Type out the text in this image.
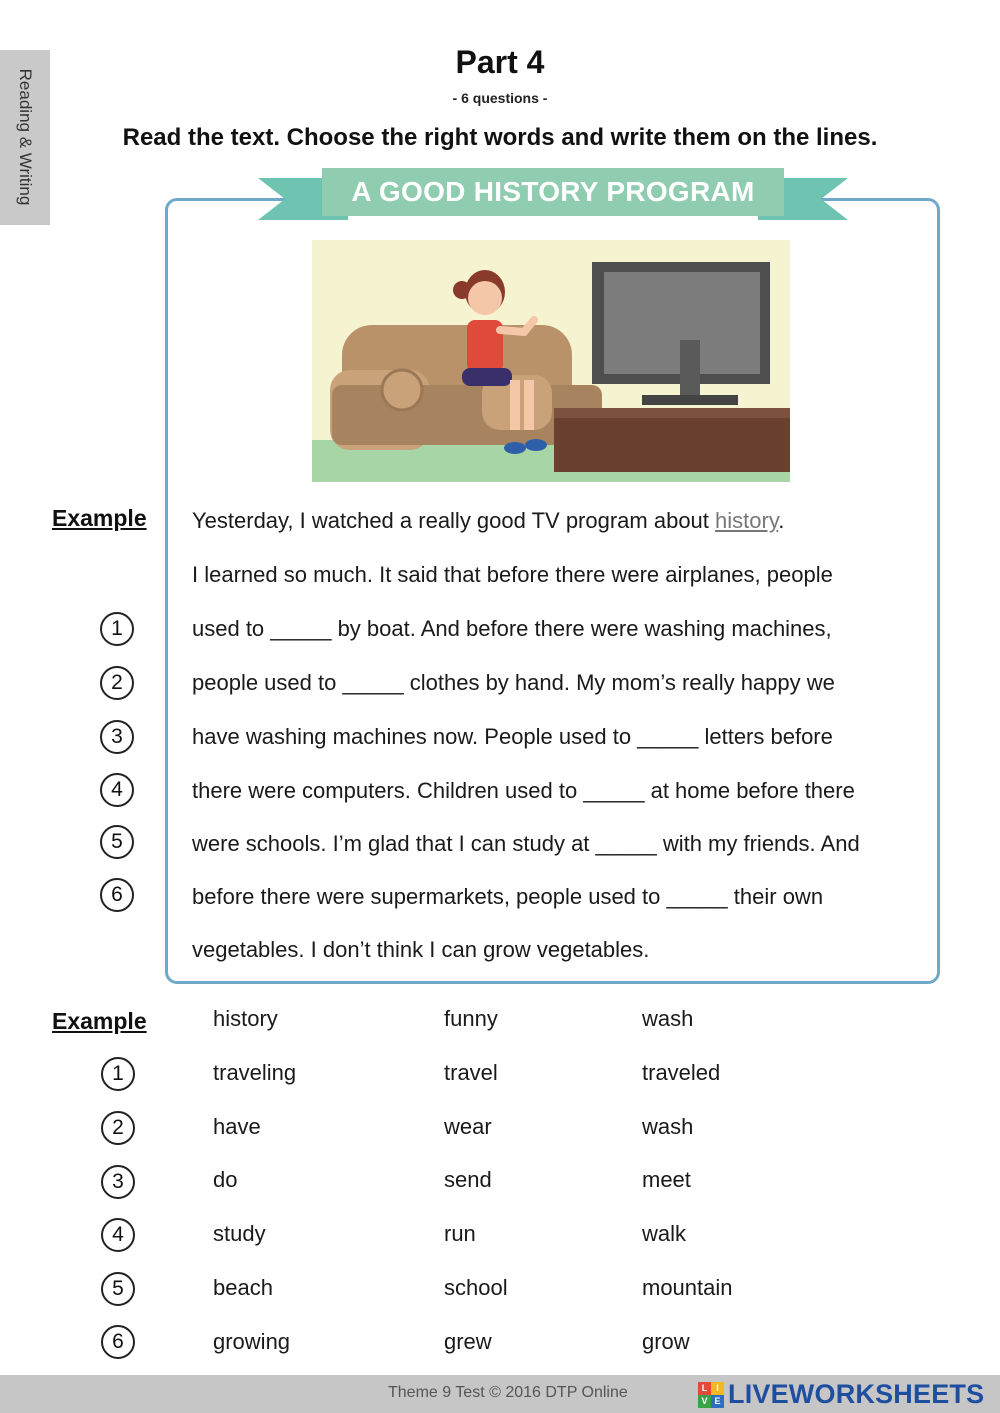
Reading & Writing
Part 4
- 6 questions -
Read the text. Choose the right words and write them on the lines.
A GOOD HISTORY PROGRAM
Example Yesterday, I watched a really good TV program about history.
I learned so much. It said that before there were airplanes, people
used to _____ by boat. And before there were washing machines,
people used to _____ clothes by hand. My mom’s really happy we
have washing machines now. People used to _____ letters before
there were computers. Children used to _____ at home before there
were schools. I’m glad that I can study at _____ with my friends. And
before there were supermarkets, people used to _____ their own
vegetables. I don’t think I can grow vegetables.
1
2
3
4
5
6
Example	history	funny	wash
1	traveling	travel	traveled
2	have	wear	wash
3	do	send	meet
4	study	run	walk
5	beach	school	mountain
6	growing	grew	grow
Theme 9 Test © 2016 DTP Online	L I
V E LIVEWORKSHEETS
